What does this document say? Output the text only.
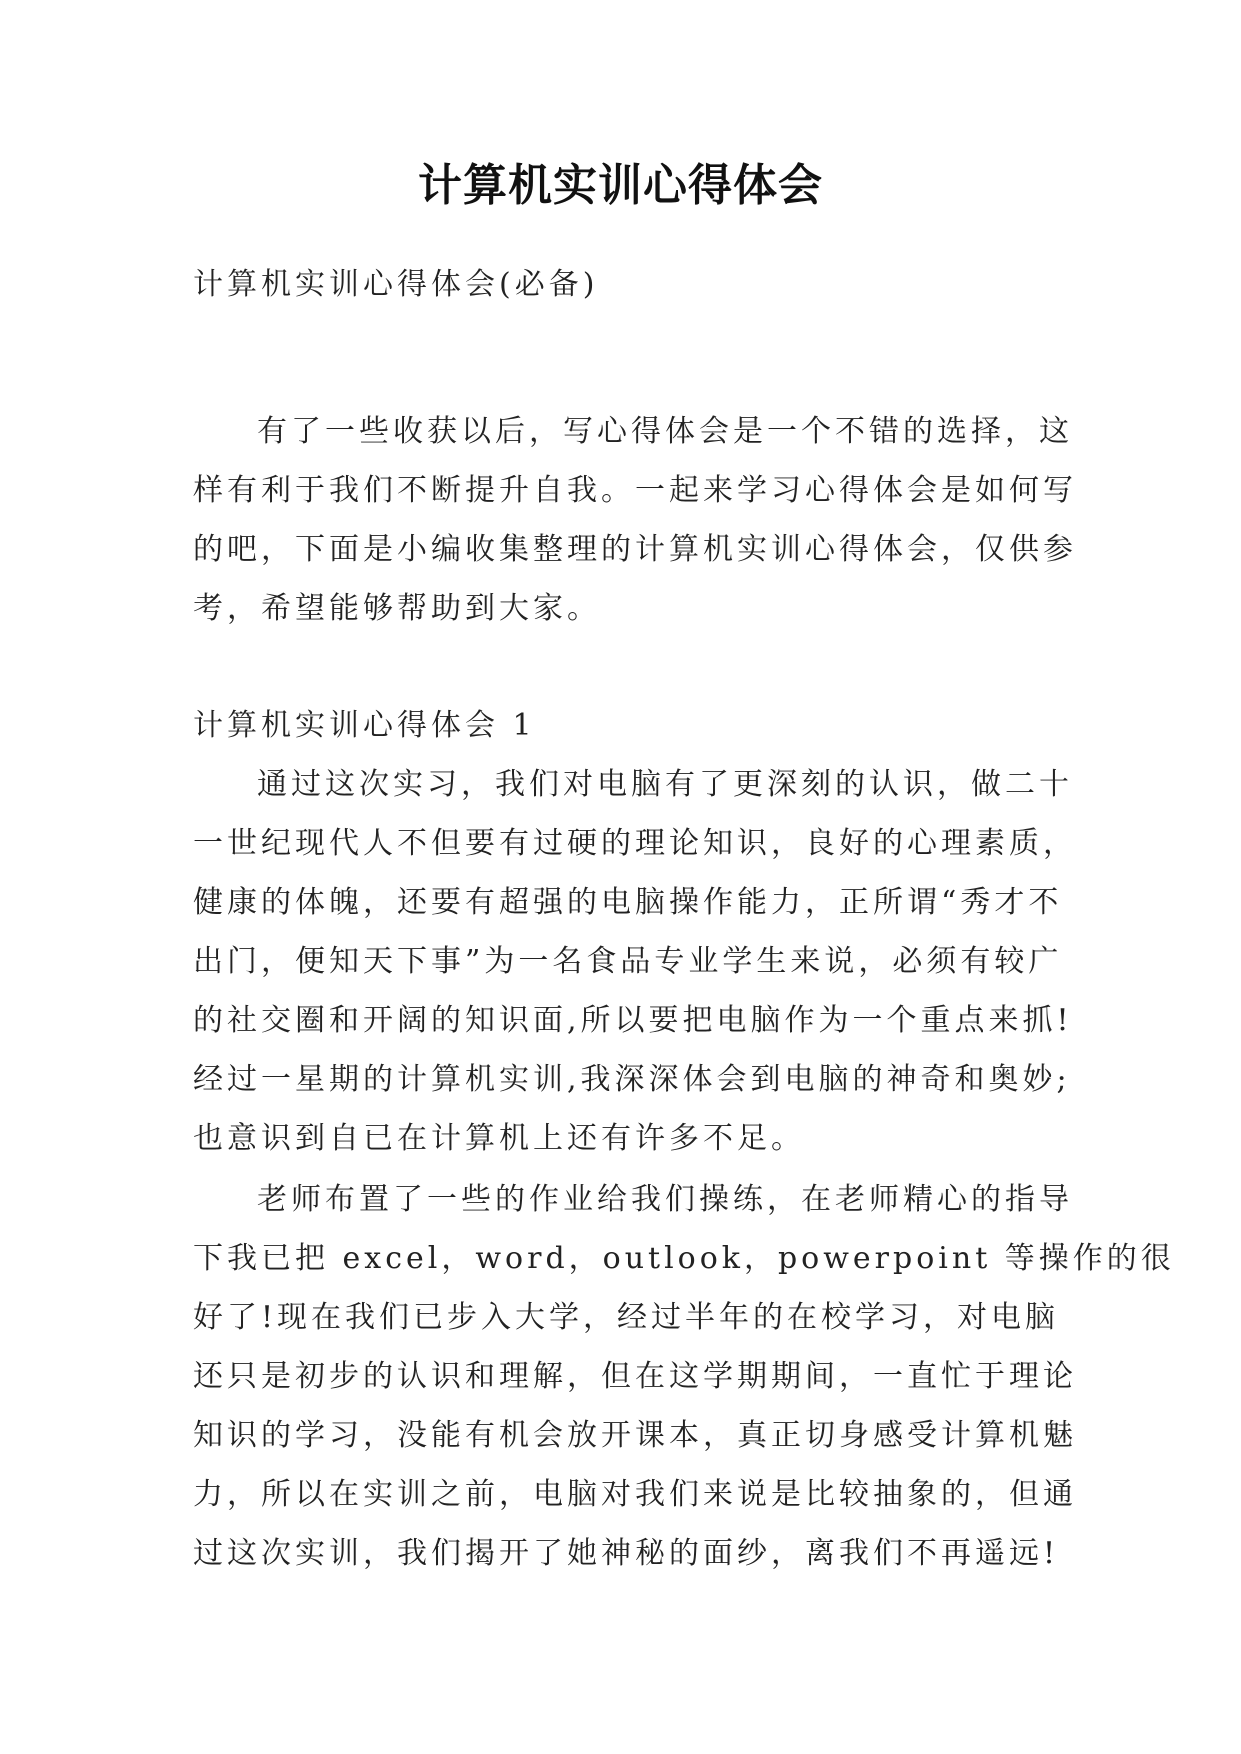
计算机实训心得体会

计算机实训心得体会(必备)

有了一些收获以后，写心得体会是一个不错的选择，这
样有利于我们不断提升自我。一起来学习心得体会是如何写
的吧，下面是小编收集整理的计算机实训心得体会，仅供参
考，希望能够帮助到大家。

计算机实训心得体会 1

通过这次实习，我们对电脑有了更深刻的认识，做二十
一世纪现代人不但要有过硬的理论知识，良好的心理素质，
健康的体魄，还要有超强的电脑操作能力，正所谓“秀才不
出门，便知天下事”为一名食品专业学生来说，必须有较广
的社交圈和开阔的知识面,所以要把电脑作为一个重点来抓!
经过一星期的计算机实训,我深深体会到电脑的神奇和奥妙;
也意识到自已在计算机上还有许多不足。
老师布置了一些的作业给我们操练，在老师精心的指导
下我已把 excel，word，outlook，powerpoint 等操作的很
好了!现在我们已步入大学，经过半年的在校学习，对电脑
还只是初步的认识和理解，但在这学期期间，一直忙于理论
知识的学习，没能有机会放开课本，真正切身感受计算机魅
力，所以在实训之前，电脑对我们来说是比较抽象的，但通
过这次实训，我们揭开了她神秘的面纱，离我们不再遥远!
